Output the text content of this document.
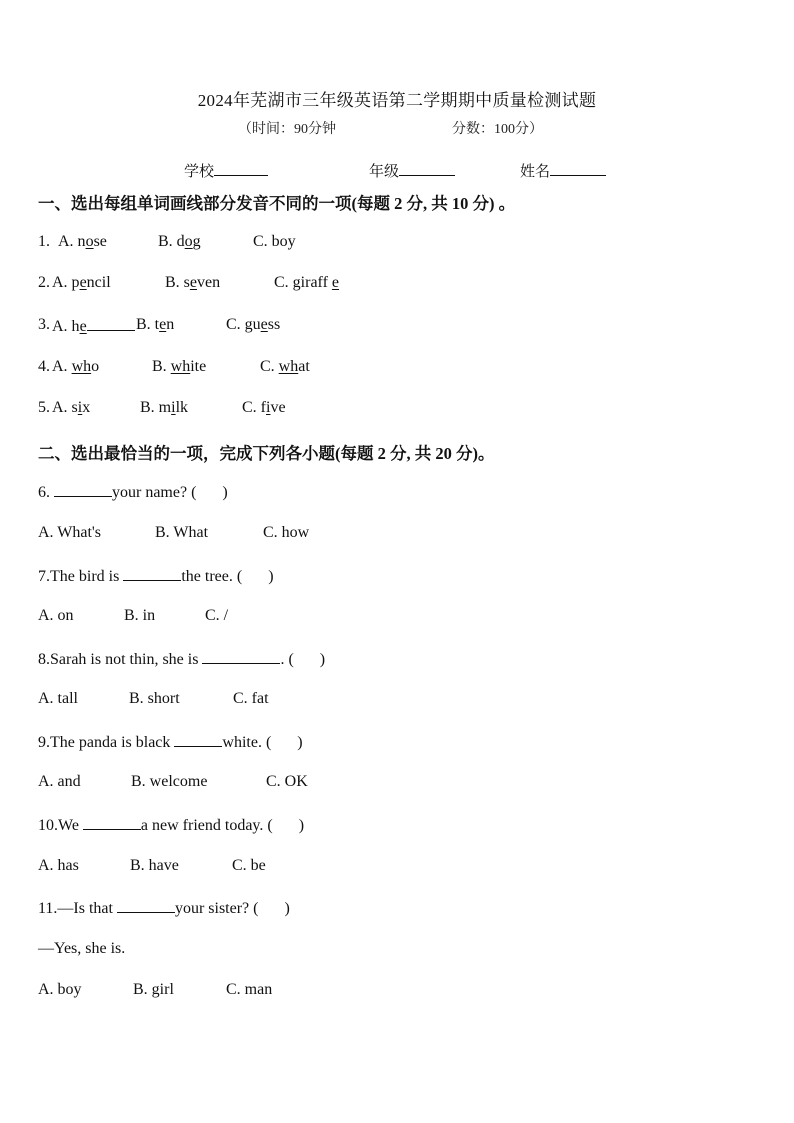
2024年芜湖市三年级英语第二学期期中质量检测试题
（时间：90分钟	分数：100分）
学校	年级	姓名
一、选出每组单词画线部分发音不同的一项(每题 2 分, 共 10 分) 。
1. A. nose	B. dog	C. boy
2. A. pencil	B. seven	C. giraff e
3. A. he	B. ten	C. guess
4. A. who	B. white	C. what
5. A. six	B. milk	C. five
二、选出最恰当的一项，完成下列各小题(每题 2 分, 共 20 分)。
6.	your name? ( )
A. What's	B. What	C. how
7.The bird is	the tree. ( )
A. on	B. in	C. /
8.Sarah is not thin, she is	. ( )
A. tall	B. short	C. fat
9.The panda is black	white. ( )
A. and	B. welcome	C. OK
10.We	a new friend today. ( )
A. has	B. have	C. be
11.—Is that	your sister? ( )
—Yes, she is.
A. boy	B. girl	C. man
